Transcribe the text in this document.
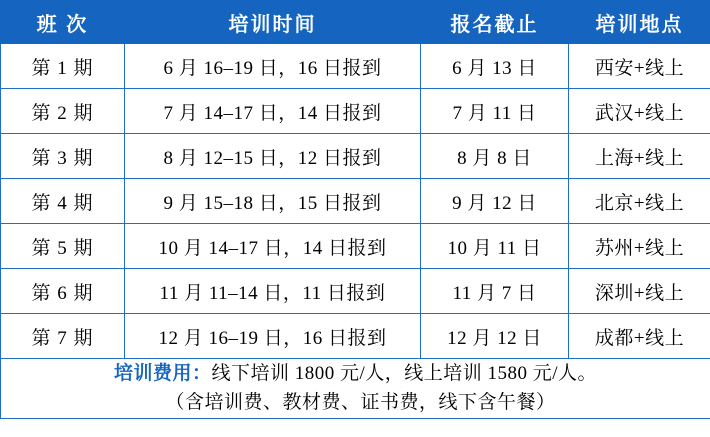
班 次	培训时间	报名截止	培训地点
第 1 期	6 月 16–19 日，16 日报到	6 月 13 日	西安+线上
第 2 期	7 月 14–17 日，14 日报到	7 月 11 日	武汉+线上
第 3 期	8 月 12–15 日，12 日报到	8 月 8 日	上海+线上
第 4 期	9 月 15–18 日，15 日报到	9 月 12 日	北京+线上
第 5 期	10 月 14–17 日，14 日报到	10 月 11 日	苏州+线上
第 6 期	11 月 11–14 日，11 日报到	11 月 7 日	深圳+线上
第 7 期	12 月 16–19 日，16 日报到	12 月 12 日	成都+线上
培训费用：线下培训 1800 元/人，线上培训 1580 元/人。
（含培训费、教材费、证书费，线下含午餐）			
